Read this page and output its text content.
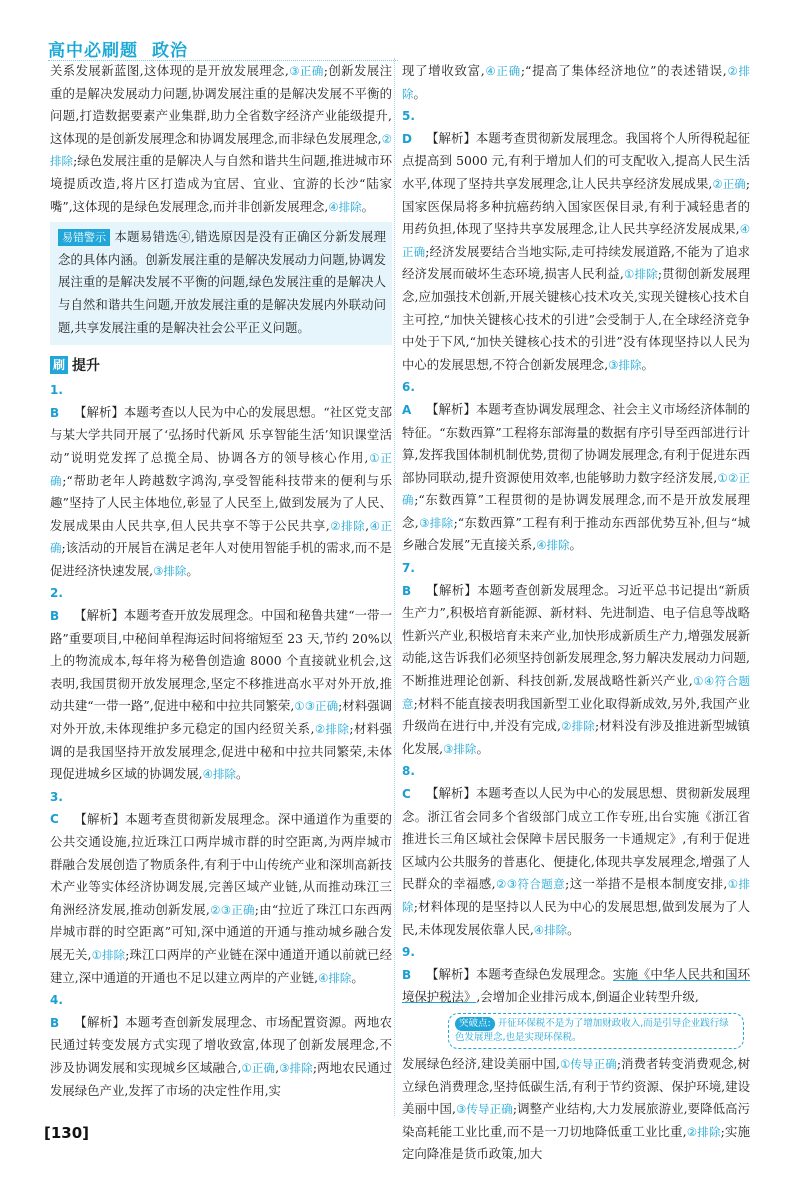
高中必刷题 政治

关系发展新蓝图,这体现的是开放发展理念,③正确;创新发展注重的是解决发展动力问题,协调发展注重的是解决发展不平衡的问题,打造数据要素产业集群,助力全省数字经济产业能级提升,这体现的是创新发展理念和协调发展理念,而非绿色发展理念,②排除;绿色发展注重的是解决人与自然和谐共生问题,推进城市环境提质改造,将片区打造成为宜居、宜业、宜游的长沙“陆家嘴”,这体现的是绿色发展理念,而并非创新发展理念,④排除。

易错警示 本题易错选④,错选原因是没有正确区分新发展理念的具体内涵。创新发展注重的是解决发展动力问题,协调发展注重的是解决发展不平衡的问题,绿色发展注重的是解决人与自然和谐共生问题,开放发展注重的是解决发展内外联动问题,共享发展注重的是解决社会公平正义问题。

刷 提升

1. B 【解析】本题考查以人民为中心的发展思想。“社区党支部与某大学共同开展了‘弘扬时代新风 乐享智能生活’知识课堂活动”说明党发挥了总揽全局、协调各方的领导核心作用,①正确;“帮助老年人跨越数字鸿沟,享受智能科技带来的便利与乐趣”坚持了人民主体地位,彰显了人民至上,做到发展为了人民、发展成果由人民共享,但人民共享不等于公民共享,②排除,④正确;该活动的开展旨在满足老年人对使用智能手机的需求,而不是促进经济快速发展,③排除。

2. B 【解析】本题考查开放发展理念。中国和秘鲁共建“一带一路”重要项目,中秘间单程海运时间将缩短至 23 天,节约 20%以上的物流成本,每年将为秘鲁创造逾 8000 个直接就业机会,这表明,我国贯彻开放发展理念,坚定不移推进高水平对外开放,推动共建“一带一路”,促进中秘和中拉共同繁荣,①③正确;材料强调对外开放,未体现维护多元稳定的国内经贸关系,②排除;材料强调的是我国坚持开放发展理念,促进中秘和中拉共同繁荣,未体现促进城乡区域的协调发展,④排除。

3. C 【解析】本题考查贯彻新发展理念。深中通道作为重要的公共交通设施,拉近珠江口两岸城市群的时空距离,为两岸城市群融合发展创造了物质条件,有利于中山传统产业和深圳高新技术产业等实体经济协调发展,完善区域产业链,从而推动珠江三角洲经济发展,推动创新发展,②③正确;由“拉近了珠江口东西两岸城市群的时空距离”可知,深中通道的开通与推动城乡融合发展无关,①排除;珠江口两岸的产业链在深中通道开通以前就已经建立,深中通道的开通也不足以建立两岸的产业链,④排除。

4. B 【解析】本题考查创新发展理念、市场配置资源。两地农民通过转变发展方式实现了增收致富,体现了创新发展理念,不涉及协调发展和实现城乡区域融合,①正确,③排除;两地农民通过发展绿色产业,发挥了市场的决定性作用,实

现了增收致富,④正确;“提高了集体经济地位”的表述错误,②排除。

5. D 【解析】本题考查贯彻新发展理念。我国将个人所得税起征点提高到 5000 元,有利于增加人们的可支配收入,提高人民生活水平,体现了坚持共享发展理念,让人民共享经济发展成果,②正确;国家医保局将多种抗癌药纳入国家医保目录,有利于减轻患者的用药负担,体现了坚持共享发展理念,让人民共享经济发展成果,④正确;经济发展要结合当地实际,走可持续发展道路,不能为了追求经济发展而破坏生态环境,损害人民利益,①排除;贯彻创新发展理念,应加强技术创新,开展关键核心技术攻关,实现关键核心技术自主可控,“加快关键核心技术的引进”会受制于人,在全球经济竞争中处于下风,“加快关键核心技术的引进”没有体现坚持以人民为中心的发展思想,不符合创新发展理念,③排除。

6. A 【解析】本题考查协调发展理念、社会主义市场经济体制的特征。“东数西算”工程将东部海量的数据有序引导至西部进行计算,发挥我国体制机制优势,贯彻了协调发展理念,有利于促进东西部协同联动,提升资源使用效率,也能够助力数字经济发展,①②正确;“东数西算”工程贯彻的是协调发展理念,而不是开放发展理念,③排除;“东数西算”工程有利于推动东西部优势互补,但与“城乡融合发展”无直接关系,④排除。

7. B 【解析】本题考查创新发展理念。习近平总书记提出“新质生产力”,积极培育新能源、新材料、先进制造、电子信息等战略性新兴产业,积极培育未来产业,加快形成新质生产力,增强发展新动能,这告诉我们必须坚持创新发展理念,努力解决发展动力问题,不断推进理论创新、科技创新,发展战略性新兴产业,①④符合题意;材料不能直接表明我国新型工业化取得新成效,另外,我国产业升级尚在进行中,并没有完成,②排除;材料没有涉及推进新型城镇化发展,③排除。

8. C 【解析】本题考查以人民为中心的发展思想、贯彻新发展理念。浙江省会同多个省级部门成立工作专班,出台实施《浙江省推进长三角区域社会保障卡居民服务一卡通规定》,有利于促进区域内公共服务的普惠化、便捷化,体现共享发展理念,增强了人民群众的幸福感,②③符合题意;这一举措不是根本制度安排,①排除;材料体现的是坚持以人民为中心的发展思想,做到发展为了人民,未体现发展依靠人民,④排除。

9. B 【解析】本题考查绿色发展理念。实施《中华人民共和国环境保护税法》,会增加企业排污成本,倒逼企业转型升级,

突破点: 开征环保税不是为了增加财政收入,而是引导企业践行绿色发展理念,也是实现环保税。

发展绿色经济,建设美丽中国,①传导正确;消费者转变消费观念,树立绿色消费理念,坚持低碳生活,有利于节约资源、保护环境,建设美丽中国,③传导正确;调整产业结构,大力发展旅游业,要降低高污染高耗能工业比重,而不是一刀切地降低重工业比重,②排除;实施定向降准是货币政策,加大

[130]
